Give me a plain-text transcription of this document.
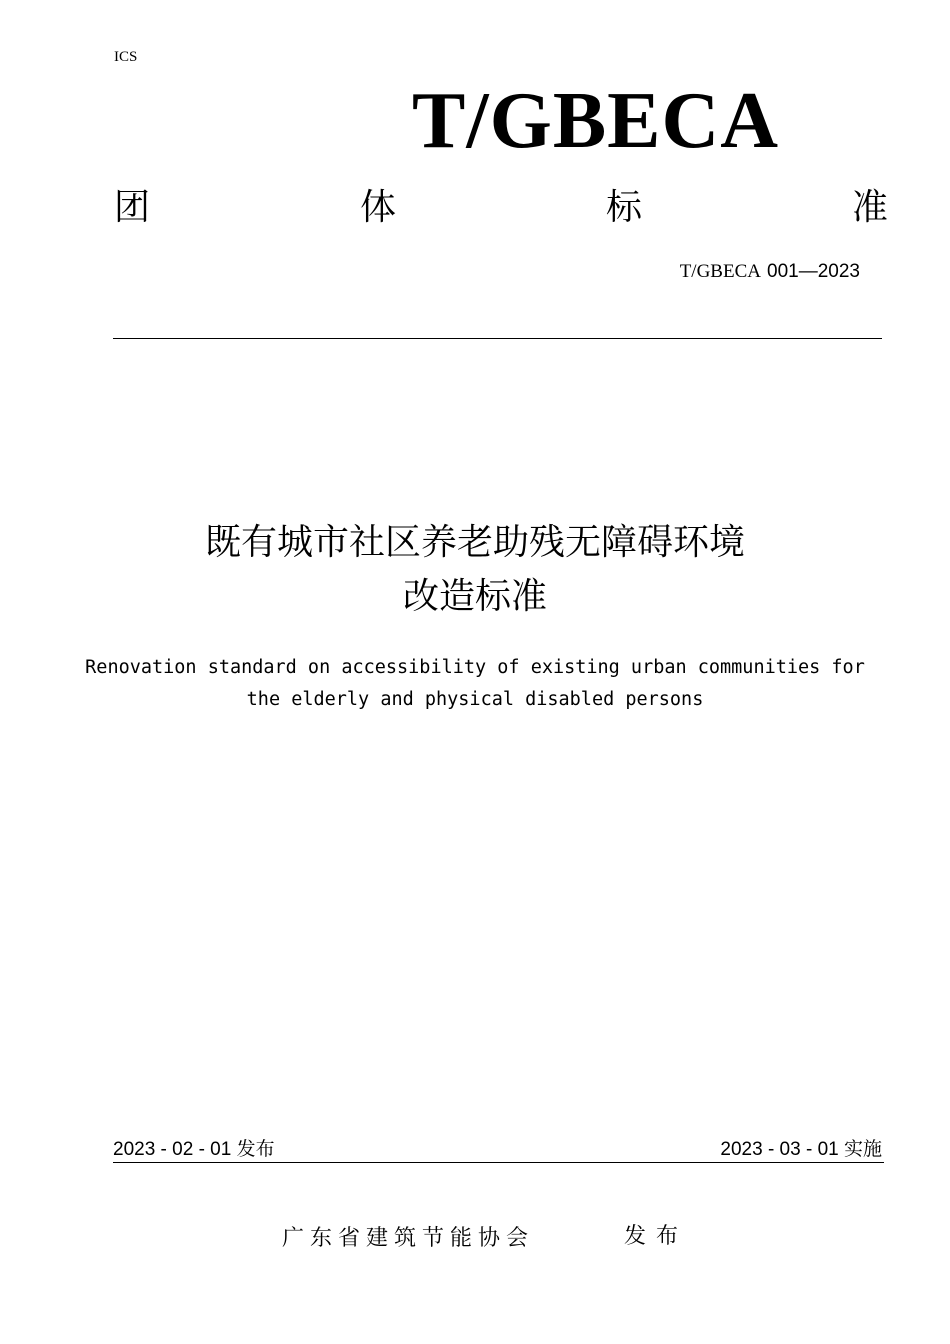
ICS
T/GBECA
团	体	标	准
T/GBECA 001—2023
既有城市社区养老助残无障碍环境
改造标准
Renovation standard on accessibility of existing urban communities for
the elderly and physical disabled persons
2023 - 02 - 01 发布	2023 - 03 - 01 实施
广东省建筑节能协会	发布
